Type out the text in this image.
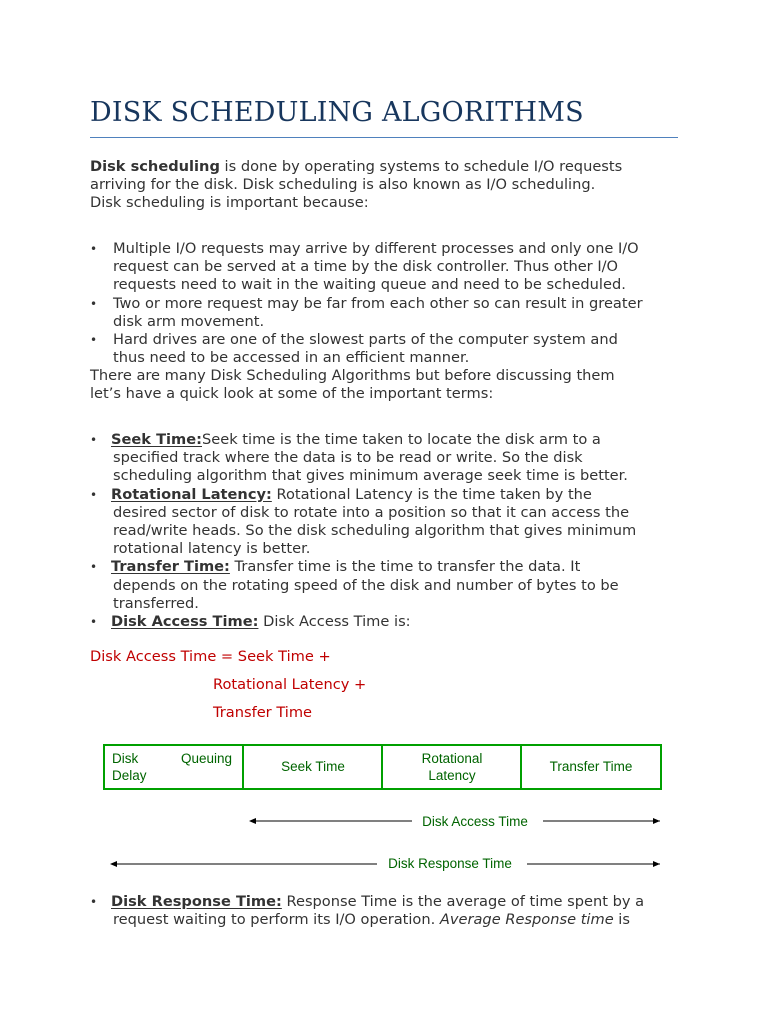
DISK SCHEDULING ALGORITHMS
Disk scheduling is done by operating systems to schedule I/O requests
arriving for the disk. Disk scheduling is also known as I/O scheduling.
Disk scheduling is important because:
• Multiple I/O requests may arrive by different processes and only one I/O
request can be served at a time by the disk controller. Thus other I/O
requests need to wait in the waiting queue and need to be scheduled.
• Two or more request may be far from each other so can result in greater
disk arm movement.
• Hard drives are one of the slowest parts of the computer system and
thus need to be accessed in an efficient manner.
There are many Disk Scheduling Algorithms but before discussing them
let’s have a quick look at some of the important terms:
• Seek Time:Seek time is the time taken to locate the disk arm to a
specified track where the data is to be read or write. So the disk
scheduling algorithm that gives minimum average seek time is better.
• Rotational Latency: Rotational Latency is the time taken by the
desired sector of disk to rotate into a position so that it can access the
read/write heads. So the disk scheduling algorithm that gives minimum
rotational latency is better.
• Transfer Time: Transfer time is the time to transfer the data. It
depends on the rotating speed of the disk and number of bytes to be
transferred.
• Disk Access Time: Disk Access Time is:
Disk Access Time = Seek Time +
Rotational Latency +
Transfer Time
Disk	Queuing
Delay
Seek Time
Rotational
Latency
Transfer Time
Disk Access Time
Disk Response Time
• Disk Response Time: Response Time is the average of time spent by a
request waiting to perform its I/O operation. Average Response time is
